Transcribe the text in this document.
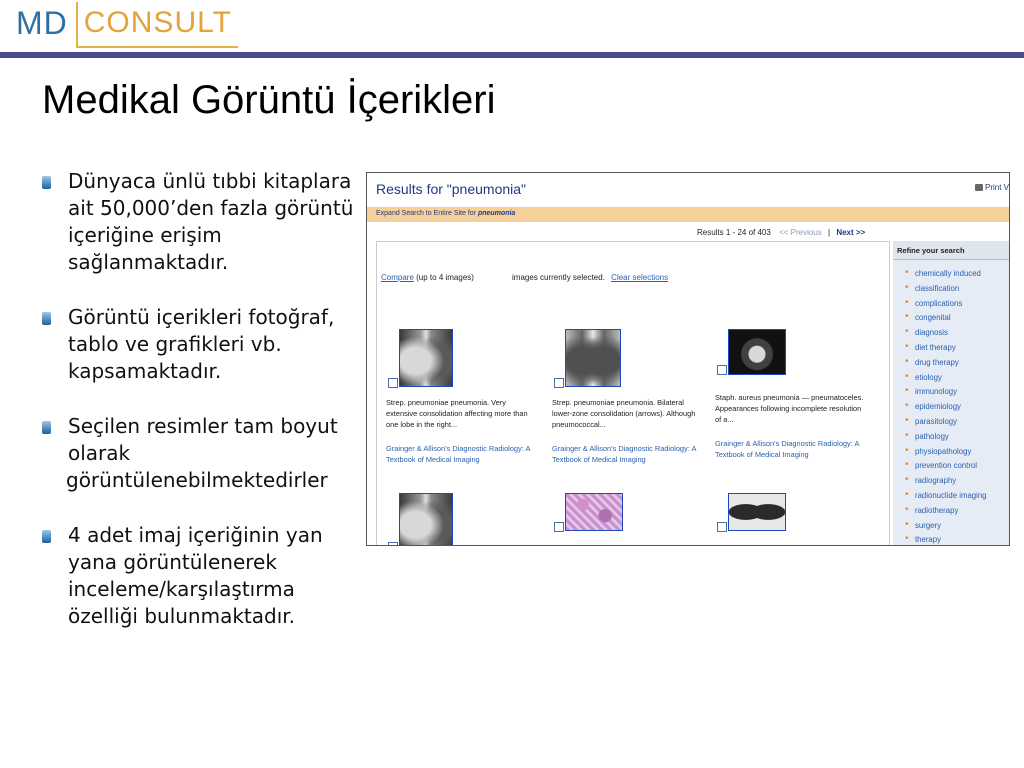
MD CONSULT
Medikal Görüntü İçerikleri
Dünyaca ünlü tıbbi kitaplara ait 50,000’den fazla görüntü içeriğine erişim sağlanmaktadır.
Görüntü içerikleri fotoğraf, tablo ve grafikleri vb. kapsamaktadır.
Seçilen resimler tam boyut olarak
görüntülenebilmektedirler
4 adet imaj içeriğinin yan yana görüntülenerek inceleme/karşılaştırma özelliği bulunmaktadır.
Results for "pneumonia"	Print V
Expand Search to Entire Site for pneumonia
Results 1 - 24 of 403 << Previous | Next >>
Compare (up to 4 images)	images currently selected. Clear selections
Strep. pneumoniae pneumonia. Very extensive consolidation affecting more than one lobe in the right...
Grainger & Allison's Diagnostic Radiology: A Textbook of Medical Imaging
Strep. pneumoniae pneumonia. Bilateral lower-zone consolidation (arrows). Although pneumococcal...
Grainger & Allison's Diagnostic Radiology: A Textbook of Medical Imaging
Staph. aureus pneumonia — pneumatoceles. Appearances following incomplete resolution of a...
Grainger & Allison's Diagnostic Radiology: A Textbook of Medical Imaging
Refine your search
• chemically induced
• classification
• complications
• congenital
• diagnosis
• diet therapy
• drug therapy
• etiology
• immunology
• epidemiology
• parasitology
• pathology
• physiopathology
• prevention control
• radiography
• radionuclide imaging
• radiotherapy
• surgery
• therapy
